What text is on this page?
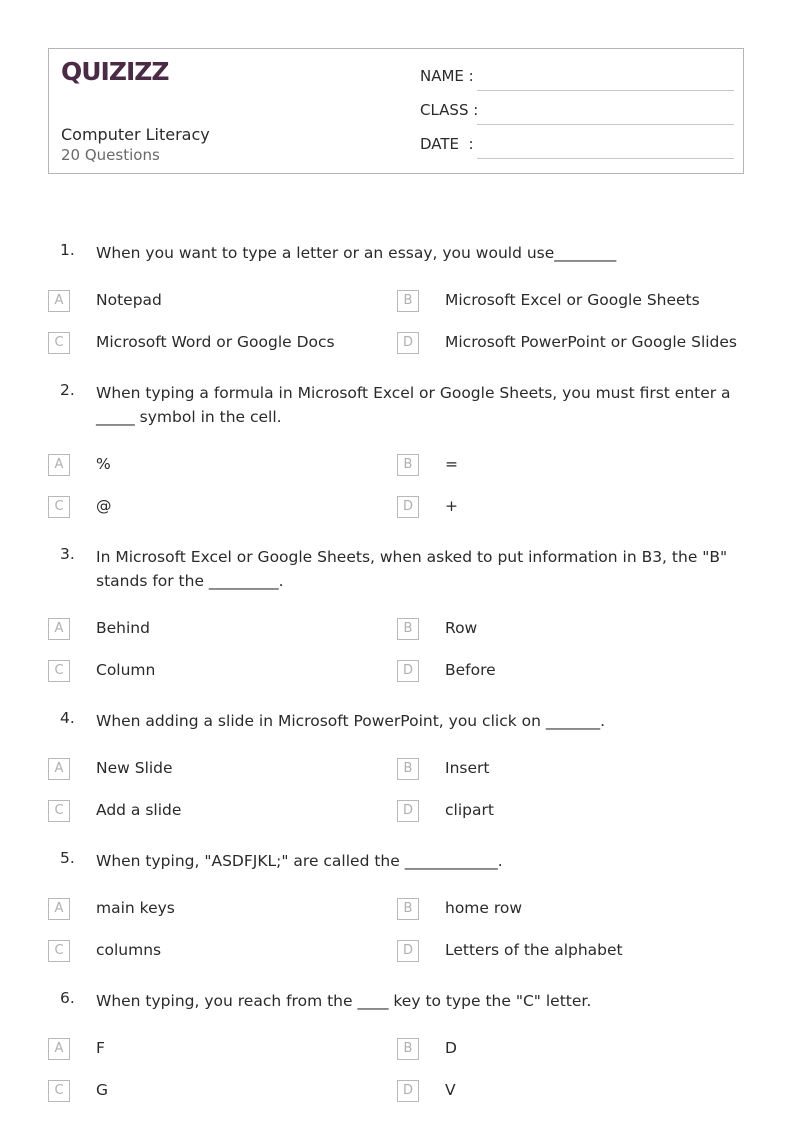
QUIZIZZ
Computer Literacy
20 Questions
NAME :
CLASS :
DATE  :
1. When you want to type a letter or an essay, you would use________
A	Notepad	B	Microsoft Excel or Google Sheets
C	Microsoft Word or Google Docs	D	Microsoft PowerPoint or Google Slides
2. When typing a formula in Microsoft Excel or Google Sheets, you must first enter a _____ symbol in the cell.
A	%	B	=
C	@	D	+
3. In Microsoft Excel or Google Sheets, when asked to put information in B3, the "B" stands for the _________.
A	Behind	B	Row
C	Column	D	Before
4. When adding a slide in Microsoft PowerPoint, you click on _______.
A	New Slide	B	Insert
C	Add a slide	D	clipart
5. When typing, "ASDFJKL;" are called the ____________.
A	main keys	B	home row
C	columns	D	Letters of the alphabet
6. When typing, you reach from the ____ key to type the "C" letter.
A	F	B	D
C	G	D	V
